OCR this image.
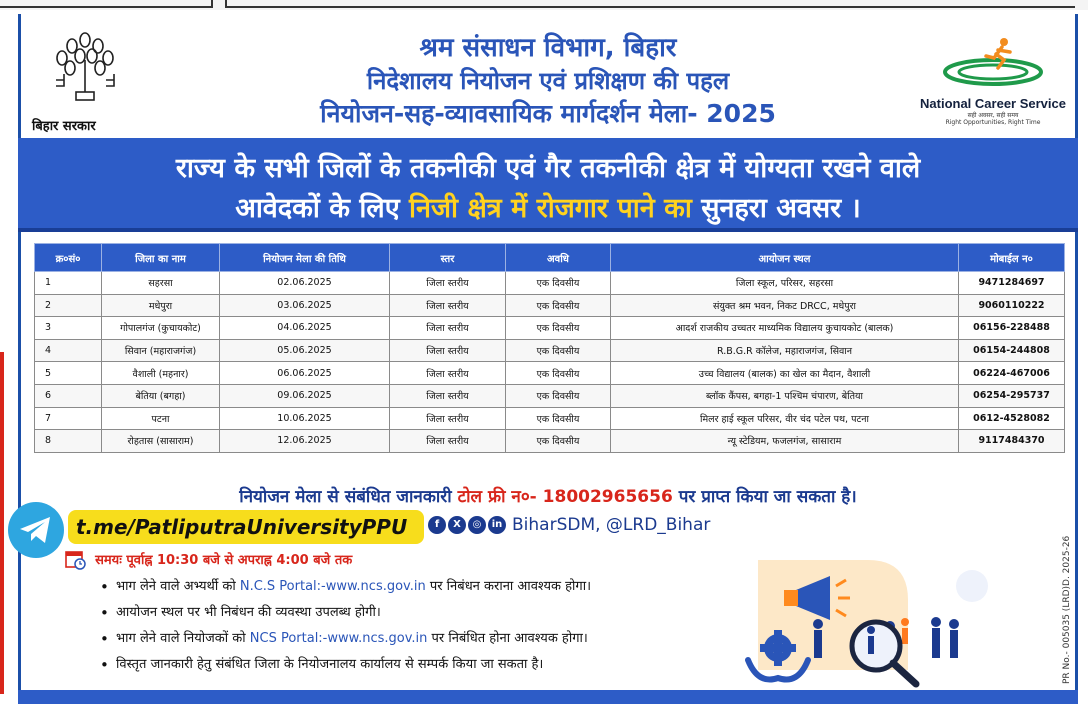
बिहार सरकार
श्रम संसाधन विभाग, बिहार
निदेशालय नियोजन एवं प्रशिक्षण की पहल
नियोजन-सह-व्यावसायिक मार्गदर्शन मेला- 2025	National Career Service
सही अवसर, सही समय
Right Opportunities, Right Time
राज्य के सभी जिलों के तकनीकी एवं गैर तकनीकी क्षेत्र में योग्यता रखने वाले
आवेदकों के लिए निजी क्षेत्र में रोजगार पाने का सुनहरा अवसर ।
क्र०सं०	जिला का नाम	नियोजन मेला की तिथि	स्तर	अवधि	आयोजन स्थल	मोबाईल न०
1	सहरसा	02.06.2025	जिला स्तरीय	एक दिवसीय	जिला स्कूल, परिसर, सहरसा	9471284697
2	मधेपुरा	03.06.2025	जिला स्तरीय	एक दिवसीय	संयुक्त श्रम भवन, निकट DRCC, मधेपुरा	9060110222
3	गोपालगंज (कुचायकोट)	04.06.2025	जिला स्तरीय	एक दिवसीय	आदर्श राजकीय उच्चतर माध्यमिक विद्यालय कुचायकोट (बालक)	06156-228488
4	सिवान (महाराजगंज)	05.06.2025	जिला स्तरीय	एक दिवसीय	R.B.G.R कॉलेज, महाराजगंज, सिवान	06154-244808
5	वैशाली (महनार)	06.06.2025	जिला स्तरीय	एक दिवसीय	उच्च विद्यालय (बालक) का खेल का मैदान, वैशाली	06224-467006
6	बेतिया (बगहा)	09.06.2025	जिला स्तरीय	एक दिवसीय	ब्लॉक कैंपस, बगहा-1 पश्चिम चंपारण, बेतिया	06254-295737
7	पटना	10.06.2025	जिला स्तरीय	एक दिवसीय	मिलर हाई स्कूल परिसर, वीर चंद पटेल पथ, पटना	0612-4528082
8	रोहतास (सासाराम)	12.06.2025	जिला स्तरीय	एक दिवसीय	न्यू स्टेडियम, फजलगंज, सासाराम	9117484370
नियोजन मेला से संबंधित जानकारी टोल फ्री न०- 18002965656 पर प्राप्त किया जा सकता है।
t.me/PatliputraUniversityPPU	f X ◎ in BiharSDM, @LRD_Bihar
समयः पूर्वाह्न 10:30 बजे से अपराह्न 4:00 बजे तक
• भाग लेने वाले अभ्यर्थी को N.C.S Portal:-www.ncs.gov.in पर निबंधन कराना आवश्यक होगा।
• आयोजन स्थल पर भी निबंधन की व्यवस्था उपलब्ध होगी।
• भाग लेने वाले नियोजकों को NCS Portal:-www.ncs.gov.in पर निबंधित होना आवश्यक होगा।
• विस्तृत जानकारी हेतु संबंधित जिला के नियोजनालय कार्यालय से सम्पर्क किया जा सकता है।	PR No.- 005035 (LRD)D. 2025-26
